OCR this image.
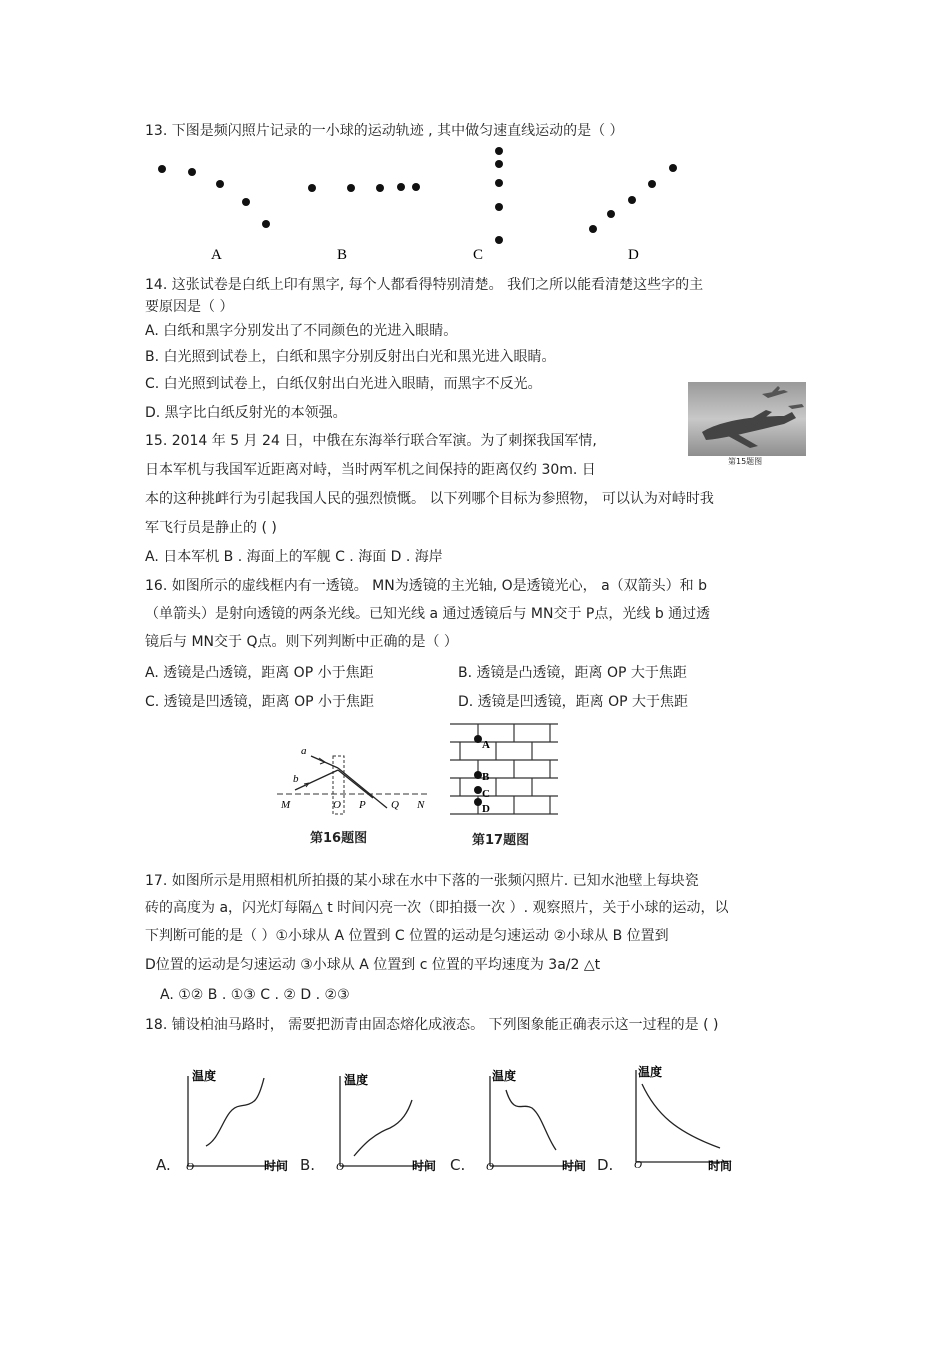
13. 下图是频闪照片记录的一小球的运动轨迹 , 其中做匀速直线运动的是（ ）
A	B	C	D
14. 这张试卷是白纸上印有黑字, 每个人都看得特别清楚。 我们之所以能看清楚这些字的主
要原因是（ ）
A. 白纸和黑字分别发出了不同颜色的光进入眼睛。
B. 白光照到试卷上，白纸和黑字分别反射出白光和黑光进入眼睛。
C. 白光照到试卷上，白纸仅射出白光进入眼睛，而黑字不反光。
D. 黑字比白纸反射光的本领强。
第15题图
15. 2014 年 5 月 24 日，中俄在东海举行联合军演。为了刺探我国军情,
日本军机与我国军近距离对峙，当时两军机之间保持的距离仅约 30m. 日
本的这种挑衅行为引起我国人民的强烈愤慨。 以下列哪个目标为参照物， 可以认为对峙时我
军飞行员是静止的 ( )
A. 日本军机 B . 海面上的军舰 C . 海面 D . 海岸
16. 如图所示的虚线框内有一透镜。 MN为透镜的主光轴, O是透镜光心， a（双箭头）和 b
（单箭头）是射向透镜的两条光线。已知光线 a 通过透镜后与 MN交于 P点，光线 b 通过透
镜后与 MN交于 Q点。则下列判断中正确的是（ ）
A. 透镜是凸透镜，距离 OP 小于焦距	B. 透镜是凸透镜，距离 OP 大于焦距
C. 透镜是凹透镜，距离 OP 小于焦距	D. 透镜是凹透镜，距离 OP 大于焦距
a
b
M	O P Q N
第16题图
A
B
C
D
第17题图
17. 如图所示是用照相机所拍摄的某小球在水中下落的一张频闪照片. 已知水池壁上每块瓷
砖的高度为 a，闪光灯每隔△ t 时间闪亮一次（即拍摄一次 ）. 观察照片，关于小球的运动，以
下判断可能的是（ ）①小球从 A 位置到 C 位置的运动是匀速运动 ②小球从 B 位置到
D位置的运动是匀速运动 ③小球从 A 位置到 c 位置的平均速度为 3a/2 △t
A. ①② B . ①③ C . ② D . ②③
18. 铺设柏油马路时， 需要把沥青由固态熔化成液态。 下列图象能正确表示这一过程的是 ( )
温度
O	时间
A.
温度
O	时间
B.
温度
O	时间
C.
温度
O	时间
D.
